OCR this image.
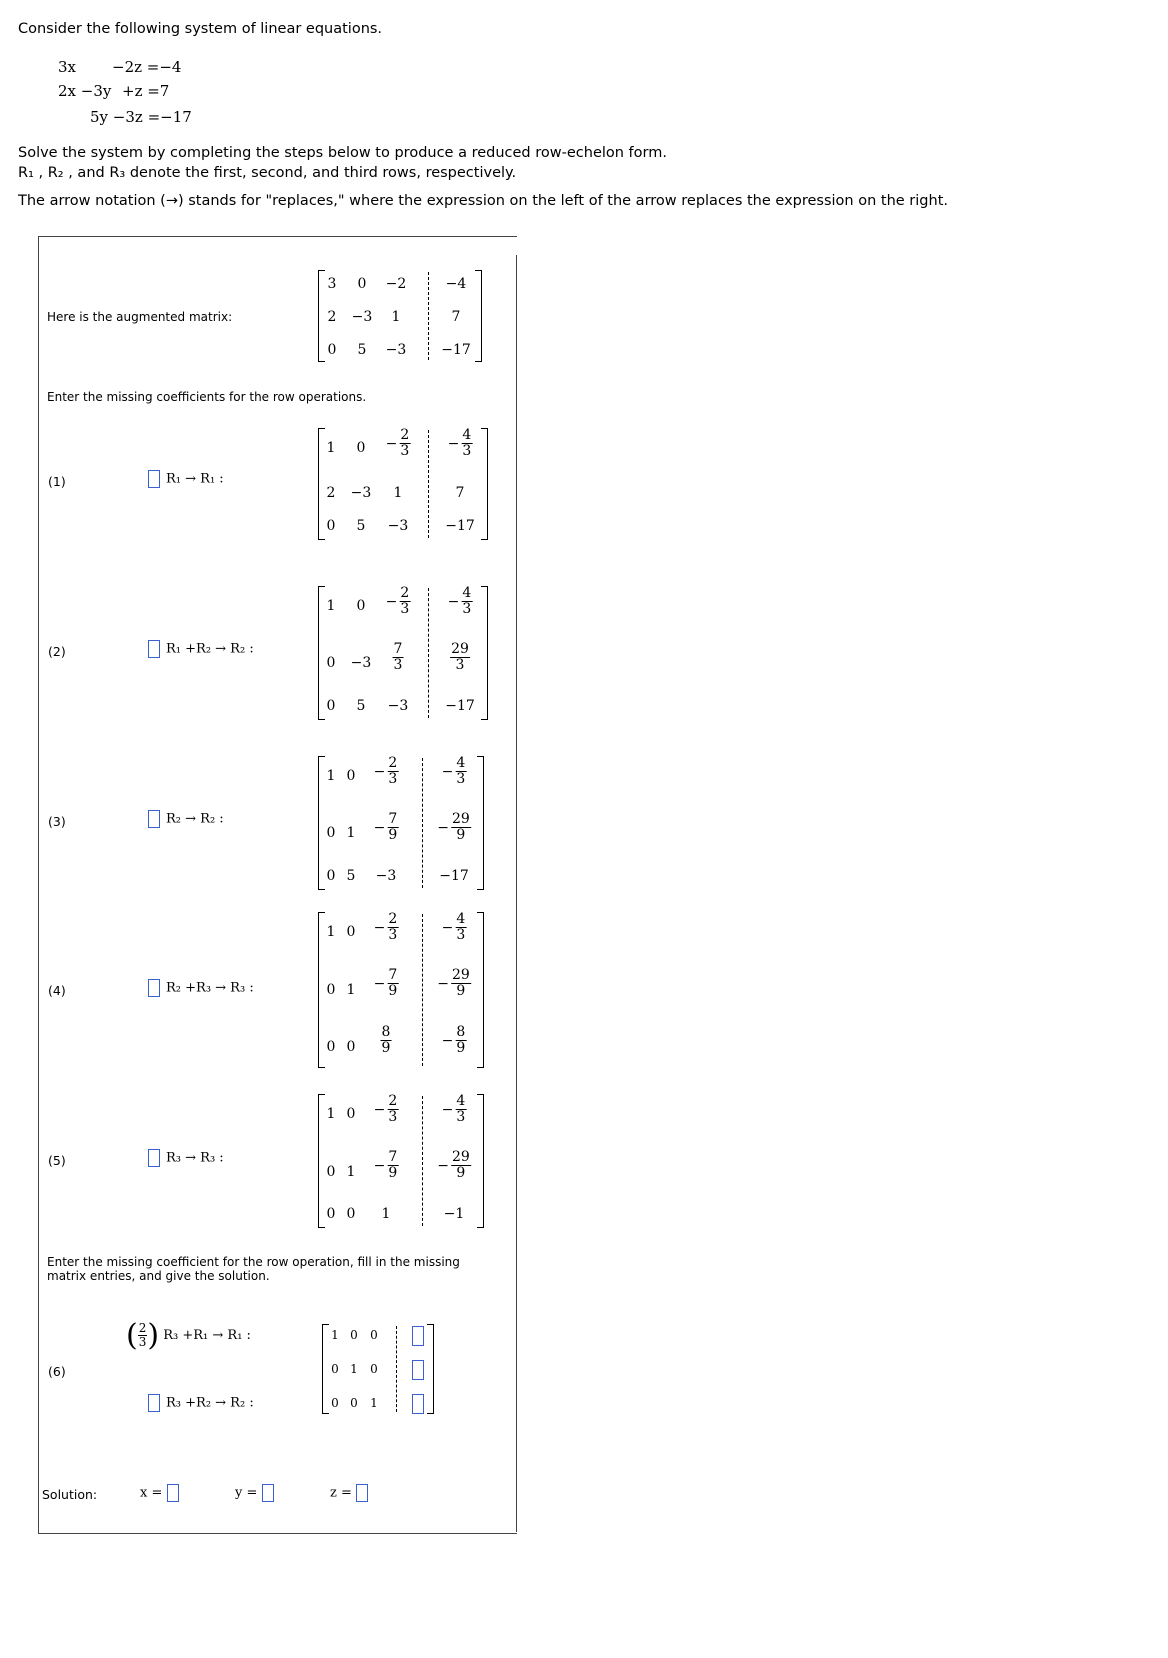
Consider the following system of linear equations.
3x −2z =−4
2x −3y +z =7
5y −3z =−17
Solve the system by completing the steps below to produce a reduced row-echelon form.
R₁ , R₂ , and R₃ denote the first, second, and third rows, respectively.
The arrow notation (→) stands for "replaces," where the expression on the left of the arrow replaces the expression on the right.
Here is the augmented matrix:
3 0 −2	−4
2 −3 1	7
0 5 −3 −17
Enter the missing coefficients for the row operations.
(1)	R₁ → R₁ :
1 $0 - \frac{2}{3}$	− $\frac{4}{3}$
2 −3 1	7
0 5 −3	−17
(2)	R₁ +R₂ → R₂ :
1 $0 - \frac{2}{3}$	− $\frac{4}{3}$
$0 -3 \frac{7}{3}$	$\frac{29}{3}$
0 5 −3	−17
(3)	R₂ → R₂ :
1 $0 - \frac{2}{3}$	− $\frac{4}{3}$
0 $1 - \frac{7}{9}$	− $\frac{29}{9}$
0 5 −3	−17
(4)	R₂ +R₃ → R₃ :
1 $0 - \frac{2}{3}$	− $\frac{4}{3}$
0 $1 - \frac{7}{9}$	− $\frac{29}{9}$
0 $0 \frac{8}{9}$	− $\frac{8}{9}$
(5)	R₃ → R₃ :
1 $0 - \frac{2}{3}$	− $\frac{4}{3}$
0 $1 - \frac{7}{9}$	− $\frac{29}{9}$
0 0 1	−1
Enter the missing coefficient for the row operation, fill in the missing matrix entries, and give the solution.
(6)
( $\frac{2}{3}$ ) R₃ +R₁ → R₁ :
R₃ +R₂ → R₂ :
1 0 0
0 1 0
0 0 1
Solution:	x =	y =	z =
